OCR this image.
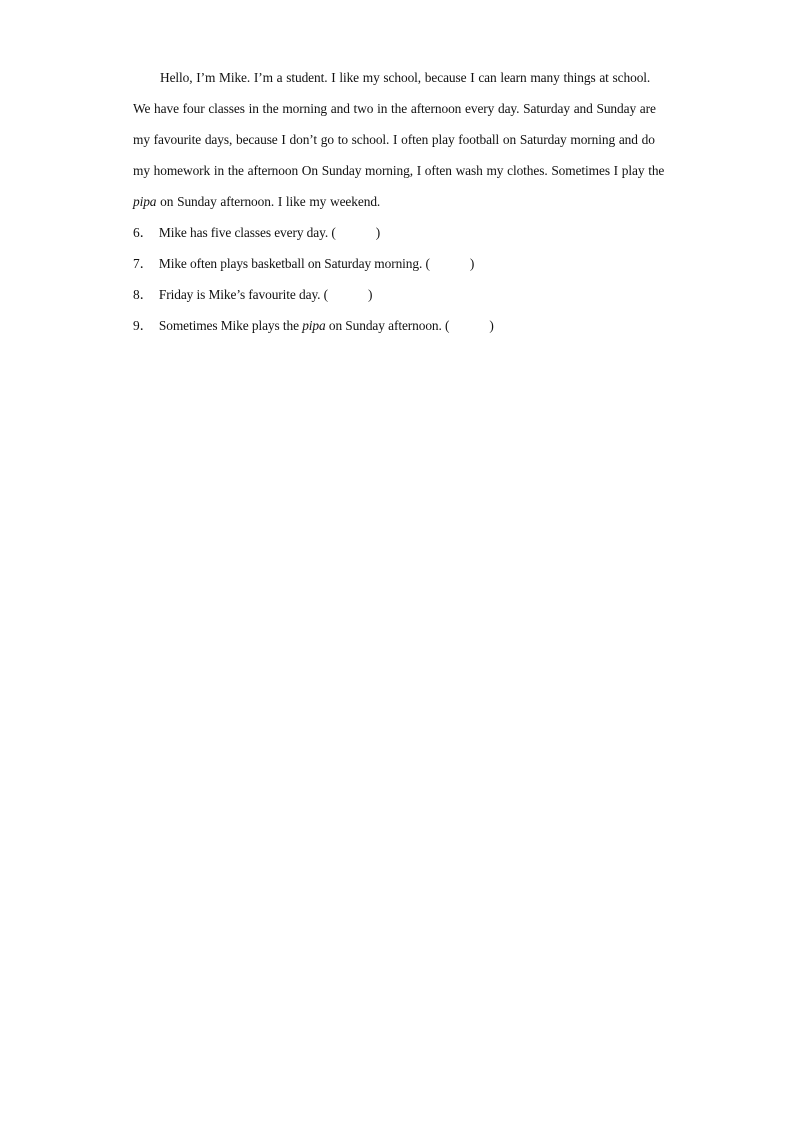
Hello, I’m Mike. I’m a student. I like my school, because I can learn many things at school. We have four classes in the morning and two in the afternoon every day. Saturday and Sunday are my favourite days, because I don’t go to school. I often play football on Saturday morning and do my homework in the afternoon On Sunday morning, I often wash my clothes. Sometimes I play the pipa on Sunday afternoon. I like my weekend.

6． Mike has five classes every day. (	)
7． Mike often plays basketball on Saturday morning. (	)
8． Friday is Mike’s favourite day. (	)
9． Sometimes Mike plays the pipa on Sunday afternoon. (	)
